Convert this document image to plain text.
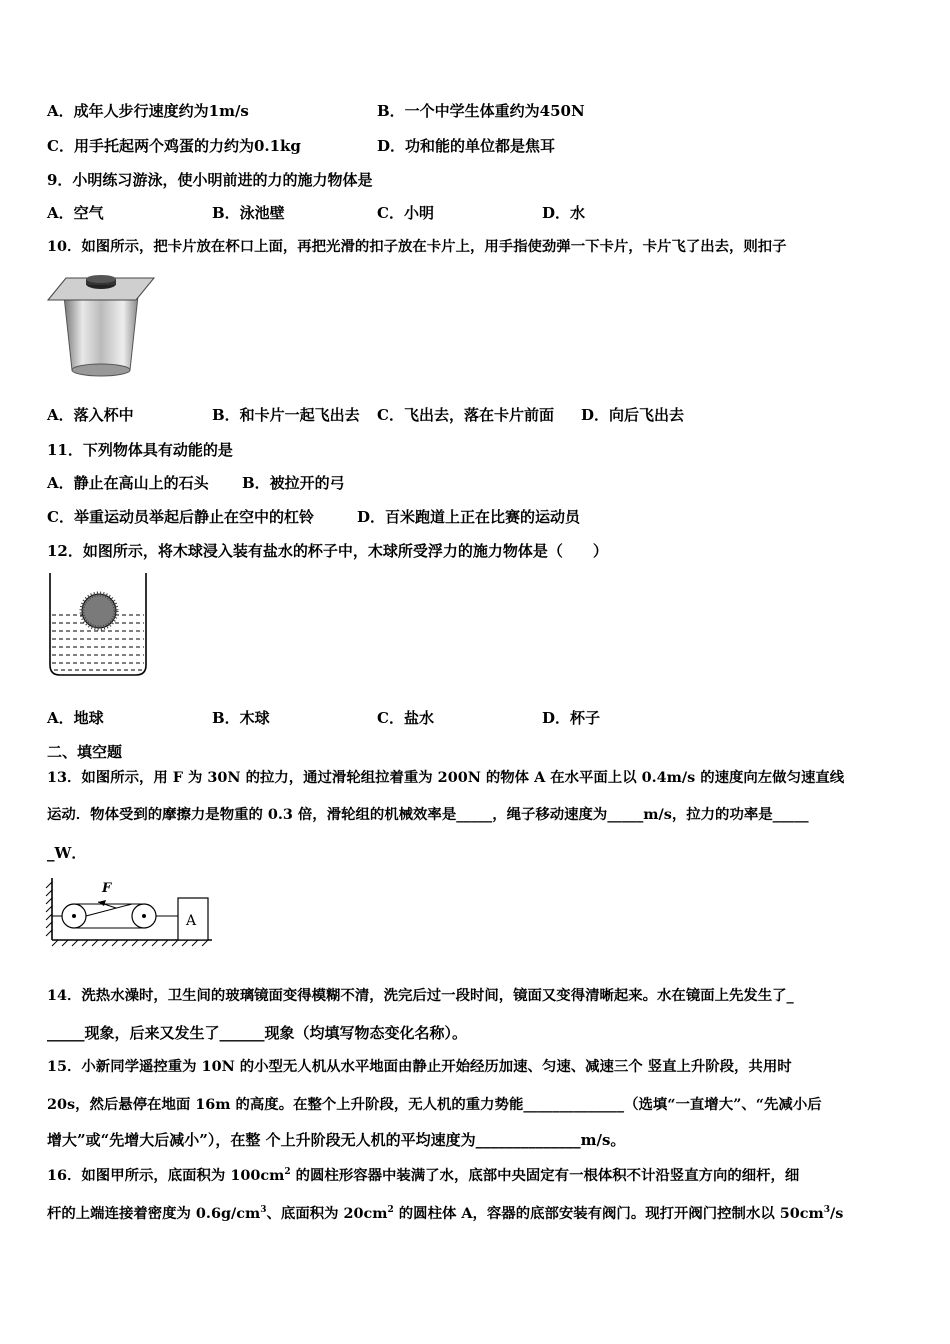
A．成年人步行速度约为1m/s	B．一个中学生体重约为450N
C．用手托起两个鸡蛋的力约为0.1kg	D．功和能的单位都是焦耳
9．小明练习游泳，使小明前进的力的施力物体是
A．空气	B．泳池壁	C．小明	D．水
10．如图所示，把卡片放在杯口上面，再把光滑的扣子放在卡片上，用手指使劲弹一下卡片，卡片飞了出去，则扣子
A．落入杯中	B．和卡片一起飞出去 C．飞出去，落在卡片前面 D．向后飞出去
11．下列物体具有动能的是
A．静止在高山上的石头 B．被拉开的弓
C．举重运动员举起后静止在空中的杠铃	D．百米跑道上正在比赛的运动员
12．如图所示，将木球浸入装有盐水的杯子中，木球所受浮力的施力物体是（　　）
A．地球	B．木球	C．盐水	D．杯子
二、填空题
13．如图所示，用 F 为 30N 的拉力，通过滑轮组拉着重为 200N 的物体 A 在水平面上以 0.4m/s 的速度向左做匀速直线
运动．物体受到的摩擦力是物重的 0.3 倍，滑轮组的机械效率是_____，绳子移动速度为_____m/s，拉力的功率是_____
_W．
F
A
14．洗热水澡时，卫生间的玻璃镜面变得模糊不清，洗完后过一段时间，镜面又变得清晰起来。水在镜面上先发生了_
_____现象，后来又发生了______现象（均填写物态变化名称）。
15．小新同学遥控重为 10N 的小型无人机从水平地面由静止开始经历加速、匀速、减速三个 竖直上升阶段，共用时
20s，然后悬停在地面 16m 的高度。在整个上升阶段，无人机的重力势能______________（选填“一直增大”、“先减小后
增大”或“先增大后减小”），在整 个上升阶段无人机的平均速度为______________m/s。
16．如图甲所示，底面积为 $100cm^2$ 的圆柱形容器中装满了水，底部中央固定有一根体积不计沿竖直方向的细杆，细
杆的上端连接着密度为 $0.6g/cm^3$、底面积为 $20cm^2$ 的圆柱体 A，容器的底部安装有阀门。现打开阀门控制水以 $50cm^3/s$
